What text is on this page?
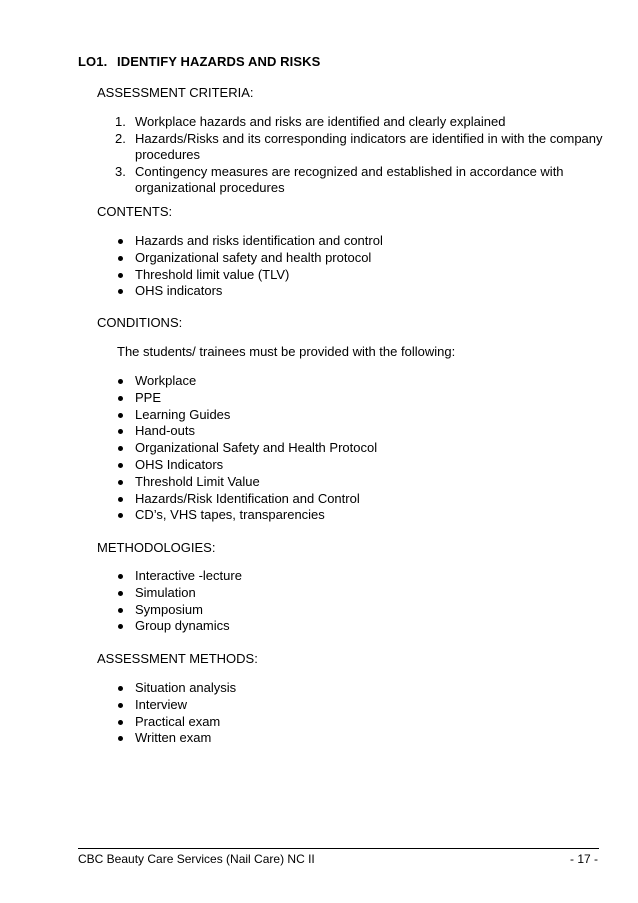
LO1. IDENTIFY HAZARDS AND RISKS
ASSESSMENT CRITERIA:
1. Workplace hazards and risks are identified and clearly explained
2. Hazards/Risks and its corresponding indicators are identified in with the company procedures
3. Contingency measures are recognized and established in accordance with organizational procedures
CONTENTS:
Hazards and risks identification and control
Organizational safety and health protocol
Threshold limit value (TLV)
OHS indicators
CONDITIONS:
The students/ trainees must be provided with the following:
Workplace
PPE
Learning Guides
Hand-outs
Organizational Safety and Health Protocol
OHS Indicators
Threshold Limit Value
Hazards/Risk Identification and Control
CD’s, VHS tapes, transparencies
METHODOLOGIES:
Interactive -lecture
Simulation
Symposium
Group dynamics
ASSESSMENT METHODS:
Situation analysis
Interview
Practical exam
Written exam
CBC Beauty Care Services (Nail Care) NC II	- 17 -
